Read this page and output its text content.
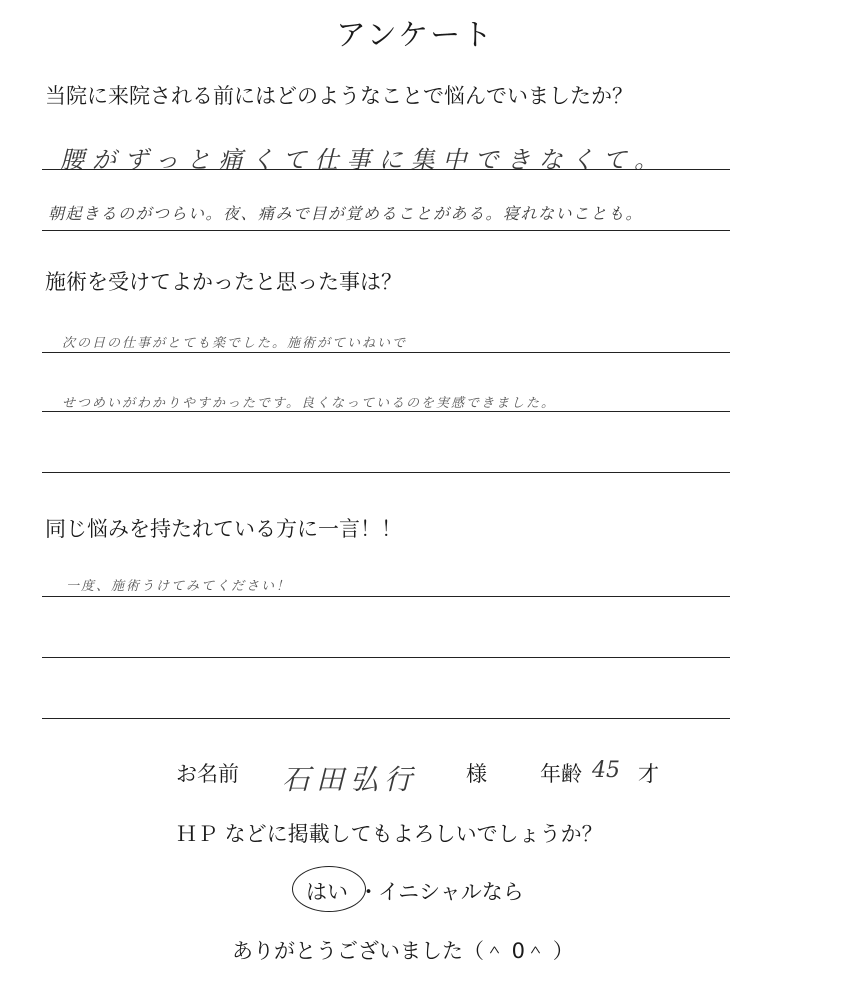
アンケート
当院に来院される前にはどのようなことで悩んでいましたか？
腰がずっと痛くて仕事に集中できなくて。
朝起きるのがつらい。夜、痛みで目が覚めることがある。寝れないことも。
施術を受けてよかったと思った事は？
次の日の仕事がとても楽でした。施術がていねいで
せつめいがわかりやすかったです。良くなっているのを実感できました。
同じ悩みを持たれている方に一言！！
一度、施術うけてみてください！
お名前 石田弘行 様	年齢 45 才
ＨＰ などに掲載してもよろしいでしょうか？
はい ・ イニシャルなら
ありがとうございました（＾ 0＾ ）
